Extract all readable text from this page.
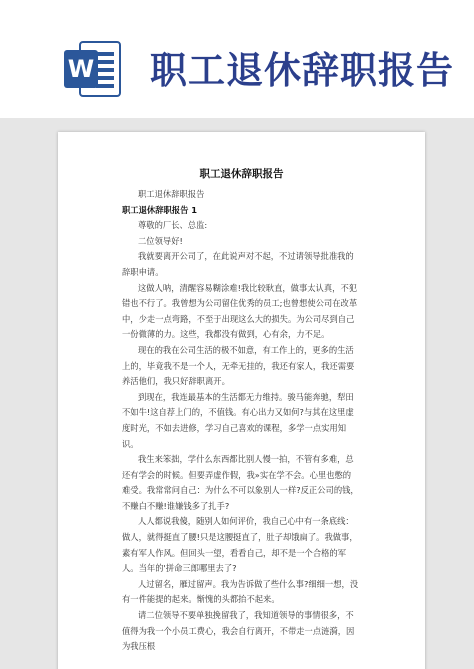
W 职工退休辞职报告
职工退休辞职报告

职工退休辞职报告

职工退休辞职报告 1

尊敬的厂长、总监:

二位领导好!

我就要离开公司了，在此说声对不起，不过请领导批准我的辞职申请。

这做人呐，清醒容易糊涂难!我比较耿直，做事太认真，不犯错也不行了。我曾想为公司留住优秀的员工;也曾想使公司在改革中，少走一点弯路，不至于出现这么大的损失。为公司尽到自己一份微薄的力。这些，我都没有做到，心有余，力不足。

现在的我在公司生活的极不如意，有工作上的，更多的生活上的，毕竟我不是一个人，无牵无挂的，我还有家人，我还需要养活他们，我只好辞职离开。

到现在，我连最基本的生活都无力维持。骏马能奔驰，犁田不如牛!这自荐上门的，不值钱。有心出力又如何?与其在这里虚度时光，不如去进修，学习自己喜欢的课程，多学一点实用知识。

我生来笨拙，学什么东西都比别人慢一拍，不管有多难，总还有学会的时候。但要弄虚作假，我»实在学不会。心里也憋的难受。我常常问自己：为什么不可以象别人一样?反正公司的钱，不赚白不赚!谁嫌钱多了扎手?

人人都说我傻，随别人如何评价，我自己心中有一条底线：做人，就得挺直了腰!只是这腰挺直了，肚子却饿扁了。我做事，素有军人作风。但回头一望，看看自己，却不是一个合格的军人。当年的'拼命三郎哪里去了?

人过留名，雁过留声。我为告诉做了些什么事?细细一想，没有一件能提的起来。惭愧的头都抬不起来。

请二位领导不要单独挽留我了，我知道领导的事情很多，不值得为我一个小员工费心，我会自行离开，不带走一点涟漪，因为我压根
